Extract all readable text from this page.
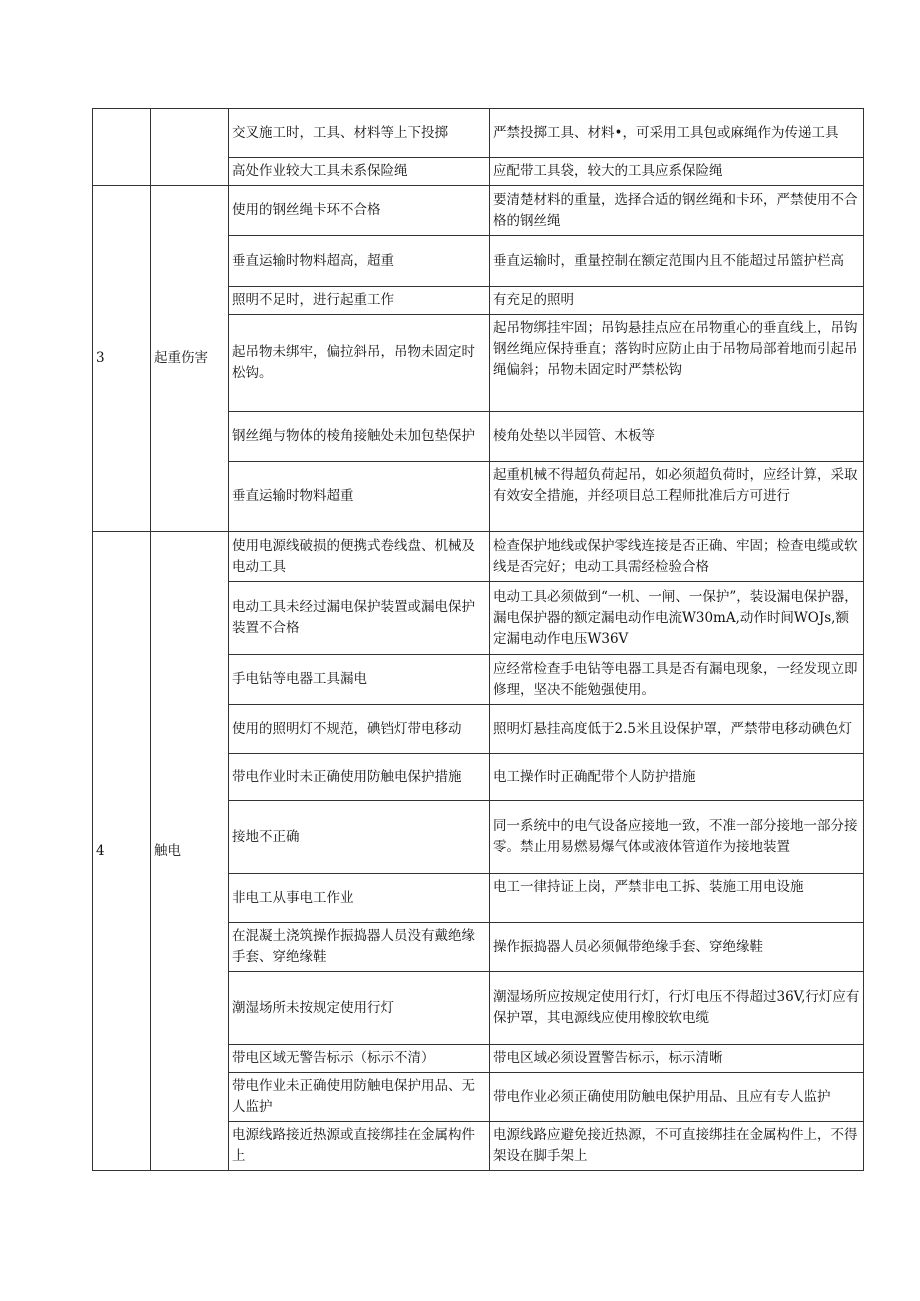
		交叉施工时，工具、材料等上下投掷	严禁投掷工具、材料•，可采用工具包或麻绳作为传递工具
		高处作业较大工具未系保险绳	应配带工具袋，较大的工具应系保险绳
3	起重伤害	使用的钢丝绳卡环不合格	要清楚材料的重量，选择合适的钢丝绳和卡环，严禁使用不合格的钢丝绳
		垂直运输时物料超高，超重	垂直运输时，重量控制在额定范围内且不能超过吊篮护栏高
		照明不足时，进行起重工作	有充足的照明
		起吊物未绑牢，偏拉斜吊，吊物未固定时松钩。	起吊物绑挂牢固；吊钩悬挂点应在吊物重心的垂直线上，吊钩钢丝绳应保持垂直；落钩时应防止由于吊物局部着地而引起吊绳偏斜；吊物未固定时严禁松钩
		钢丝绳与物体的棱角接触处未加包垫保护	棱角处垫以半园管、木板等
		垂直运输时物料超重	起重机械不得超负荷起吊，如必须超负荷时，应经计算，采取有效安全措施，并经项目总工程师批准后方可进行
4	触电	使用电源线破损的便携式卷线盘、机械及电动工具	检查保护地线或保护零线连接是否正确、牢固；检查电缆或软线是否完好；电动工具需经检验合格
		电动工具未经过漏电保护装置或漏电保护装置不合格	电动工具必须做到“一机、一闸、一保护”，装设漏电保护器，漏电保护器的额定漏电动作电流W30mA,动作时间WOJs,额定漏电动作电压W36V
		手电钻等电器工具漏电	应经常检查手电钻等电器工具是否有漏电现象，一经发现立即修理，坚决不能勉强使用。
		使用的照明灯不规范，碘铛灯带电移动	照明灯悬挂高度低于2.5米且设保护罩，严禁带电移动碘色灯
		带电作业时未正确使用防触电保护措施	电工操作时正确配带个人防护措施
		接地不正确	同一系统中的电气设备应接地一致，不准一部分接地一部分接零。禁止用易燃易爆气体或液体管道作为接地装置
		非电工从事电工作业	电工一律持证上岗，严禁非电工拆、装施工用电设施
		在混凝土浇筑操作振捣器人员没有戴绝缘手套、穿绝缘鞋	操作振捣器人员必须佩带绝缘手套、穿绝缘鞋
		潮湿场所未按规定使用行灯	潮湿场所应按规定使用行灯，行灯电压不得超过36V,行灯应有保护罩，其电源线应使用橡胶软电缆
		带电区域无警告标示（标示不清）	带电区域必须设置警告标示，标示清晰
		带电作业未正确使用防触电保护用品、无人监护	带电作业必须正确使用防触电保护用品、且应有专人监护
		电源线路接近热源或直接绑挂在金属构件上	电源线路应避免接近热源，不可直接绑挂在金属构件上，不得架设在脚手架上
